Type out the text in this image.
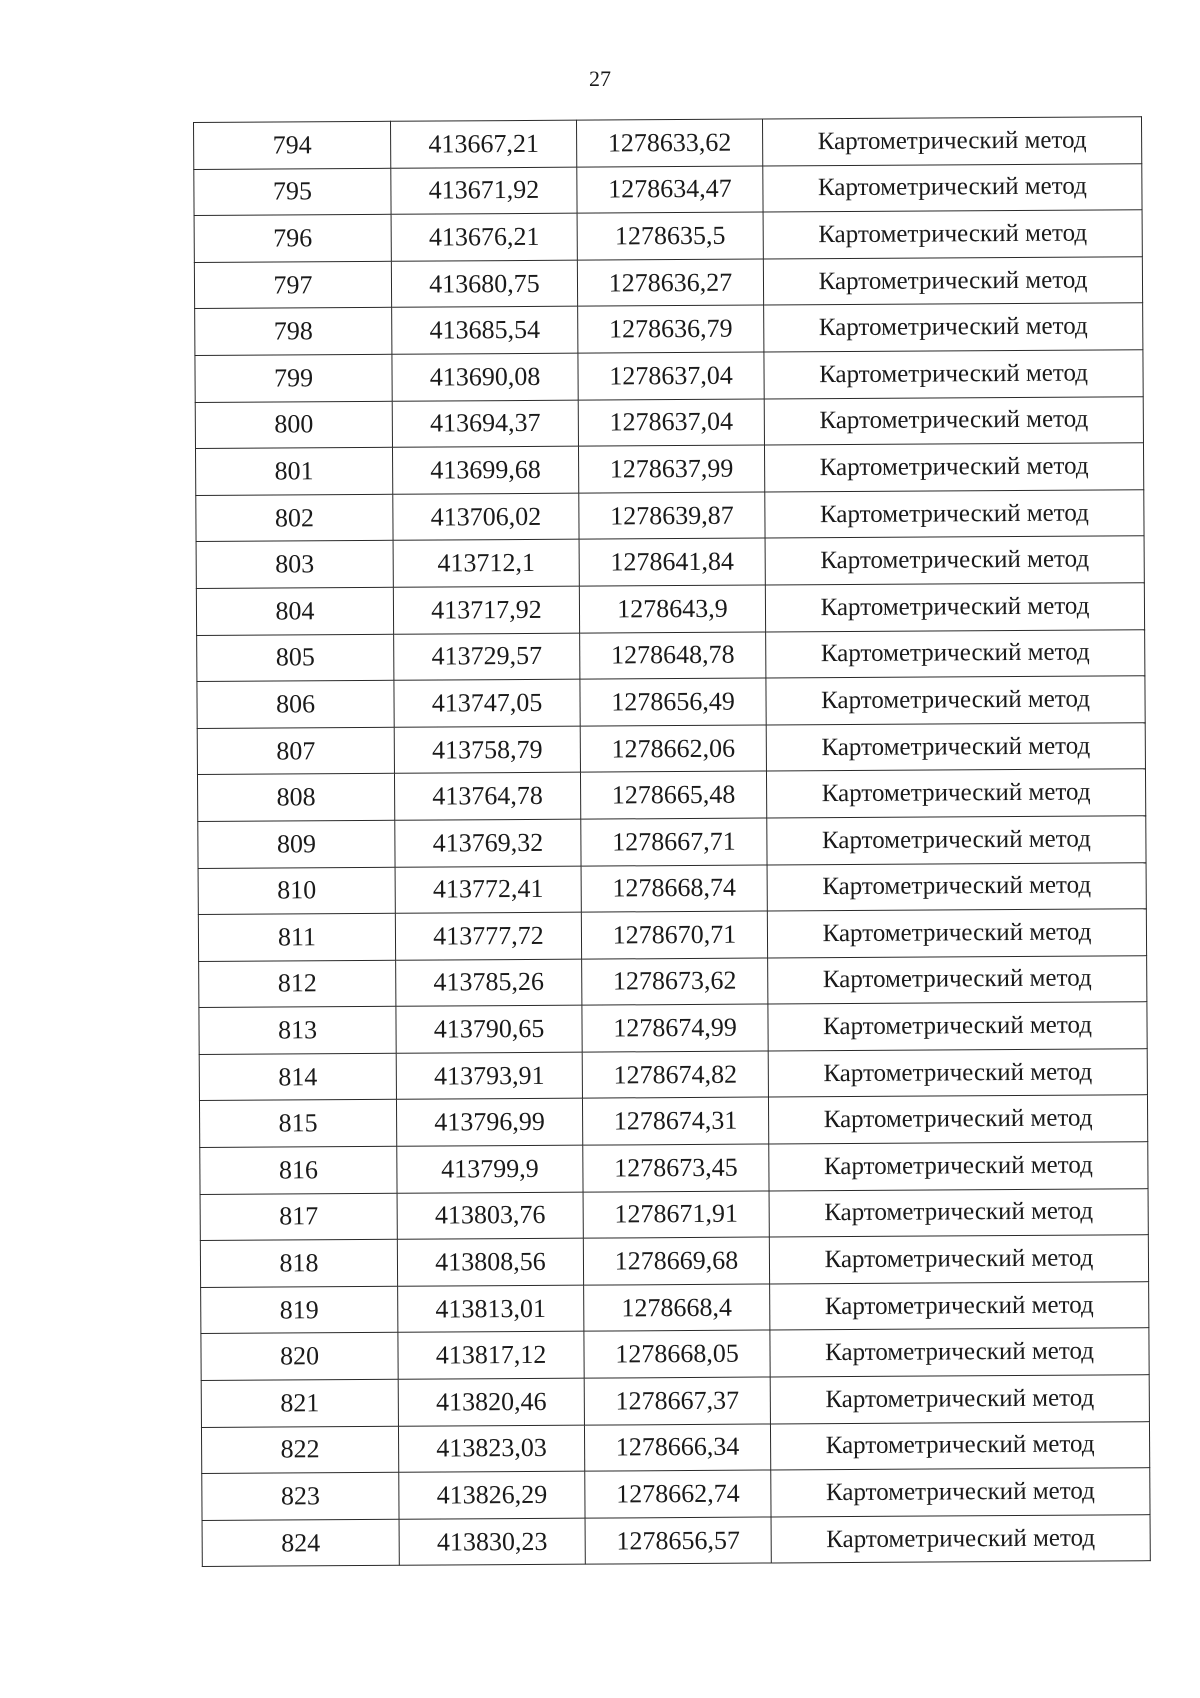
27
794	413667,21	1278633,62	Картометрический метод
795	413671,92	1278634,47	Картометрический метод
796	413676,21	1278635,5	Картометрический метод
797	413680,75	1278636,27	Картометрический метод
798	413685,54	1278636,79	Картометрический метод
799	413690,08	1278637,04	Картометрический метод
800	413694,37	1278637,04	Картометрический метод
801	413699,68	1278637,99	Картометрический метод
802	413706,02	1278639,87	Картометрический метод
803	413712,1	1278641,84	Картометрический метод
804	413717,92	1278643,9	Картометрический метод
805	413729,57	1278648,78	Картометрический метод
806	413747,05	1278656,49	Картометрический метод
807	413758,79	1278662,06	Картометрический метод
808	413764,78	1278665,48	Картометрический метод
809	413769,32	1278667,71	Картометрический метод
810	413772,41	1278668,74	Картометрический метод
811	413777,72	1278670,71	Картометрический метод
812	413785,26	1278673,62	Картометрический метод
813	413790,65	1278674,99	Картометрический метод
814	413793,91	1278674,82	Картометрический метод
815	413796,99	1278674,31	Картометрический метод
816	413799,9	1278673,45	Картометрический метод
817	413803,76	1278671,91	Картометрический метод
818	413808,56	1278669,68	Картометрический метод
819	413813,01	1278668,4	Картометрический метод
820	413817,12	1278668,05	Картометрический метод
821	413820,46	1278667,37	Картометрический метод
822	413823,03	1278666,34	Картометрический метод
823	413826,29	1278662,74	Картометрический метод
824	413830,23	1278656,57	Картометрический метод
